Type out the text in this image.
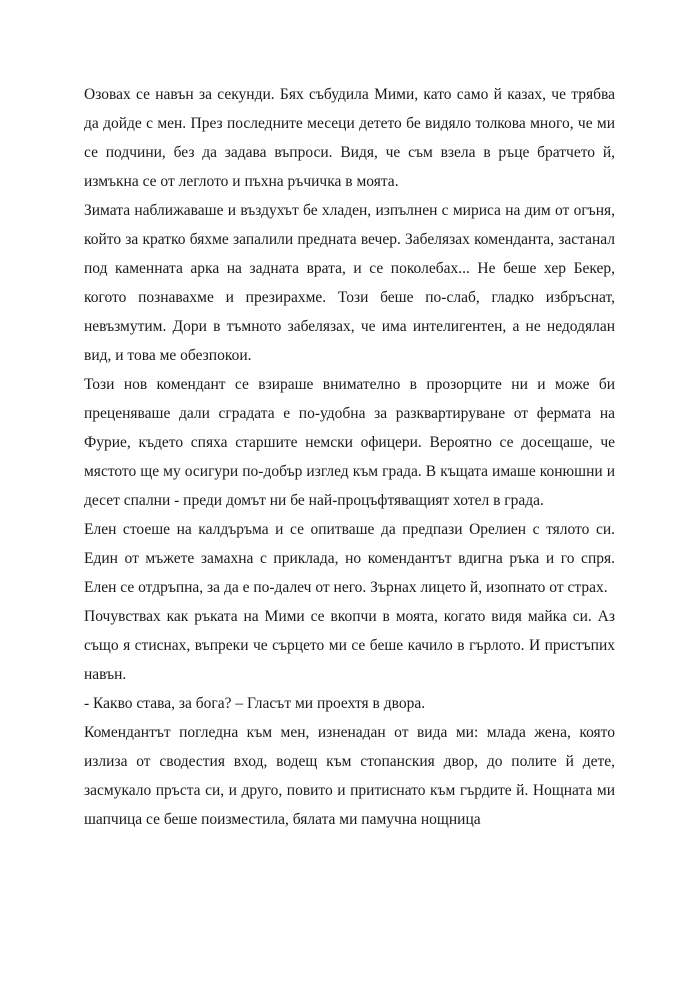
Озовах се навън за секунди. Бях събудила Мими, като само й казах, че трябва да дойде с мен. През последните месеци детето бе видяло толкова много, че ми се подчини, без да задава въпроси. Видя, че съм взела в ръце братчето й, измъкна се от леглото и пъхна ръчичка в моята.

Зимата наближаваше и въздухът бе хладен, изпълнен с мириса на дим от огъня, който за кратко бяхме запалили предната вечер. Забелязах коменданта, застанал под каменната арка на задната врата, и се поколебах... Не беше хер Бекер, когото познавахме и презирахме. Този беше по-слаб, гладко избръснат, невъзмутим. Дори в тъмното забелязах, че има интелигентен, а не недодялан вид, и това ме обезпокои.

Този нов комендант се взираше внимателно в прозорците ни и може би преценяваше дали сградата е по-удобна за разквартируване от фермата на Фурие, където спяха старшите немски офицери. Вероятно се досещаше, че мястото ще му осигури по-добър изглед към града. В къщата имаше конюшни и десет спални - преди домът ни бе най-процъфтяващият хотел в града.

Елен стоеше на калдъръма и се опитваше да предпази Орелиен с тялото си. Един от мъжете замахна с приклада, но комендантът вдигна ръка и го спря. Елен се отдръпна, за да е по-далеч от него. Зърнах лицето й, изопнато от страх.

Почувствах как ръката на Мими се вкопчи в моята, когато видя майка си. Аз също я стиснах, въпреки че сърцето ми се беше качило в гърлото. И пристъпих навън.

- Какво става, за бога? – Гласът ми проехтя в двора.

Комендантът погледна към мен, изненадан от вида ми: млада жена, която излиза от сводестия вход, водещ към стопанския двор, до полите й дете, засмукало пръста си, и друго, повито и притиснато към гърдите й. Нощната ми шапчица се беше поизместила, бялата ми памучна нощница
